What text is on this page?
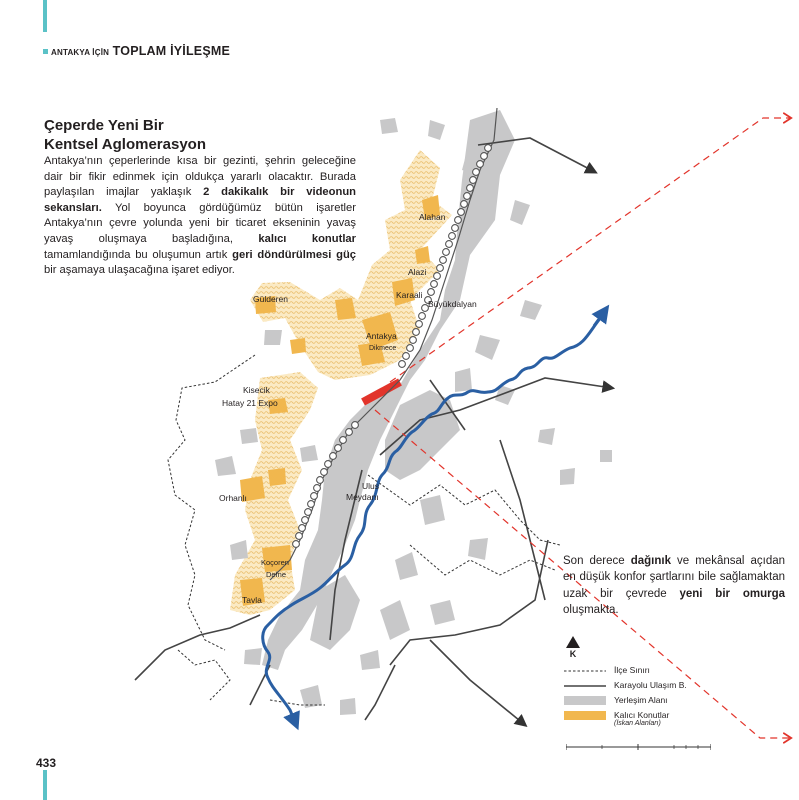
ANTAKYA İÇİN TOPLAM İYİLEŞME
Alahan
Alazi
Karaali
Büyükdalyan
Gülderen
Antakya
Dikmece
Kisecik
Hatay 21 Expo
Ulus
Meydanı
Orhanlı
Koçoren
Defne
Tavla
Çeperde Yeni Bir
Kentsel Aglomerasyon
Antakya’nın çeperlerinde kısa bir gezinti, şehrin geleceğine dair bir fikir edinmek için oldukça yararlı olacaktır. Burada paylaşılan imajlar yaklaşık 2 dakikalık bir videonun sekansları. Yol boyunca gördüğümüz bütün işaretler Antakya’nın çevre yolunda yeni bir ticaret ekseninin yavaş yavaş oluşmaya başladığına, kalıcı konutlar tamamlandığında bu oluşumun artık geri döndürülmesi güç bir aşamaya ulaşacağına işaret ediyor.
Son derece dağınık ve mekânsal açıdan en düşük konfor şartlarını bile sağlamaktan uzak bir çevrede yeni bir omurga oluşmakta.
K
İlçe Sınırı
Karayolu Ulaşım B.
Yerleşim Alanı
Kalıcı Konutlar
(İskan Alanları)
433
